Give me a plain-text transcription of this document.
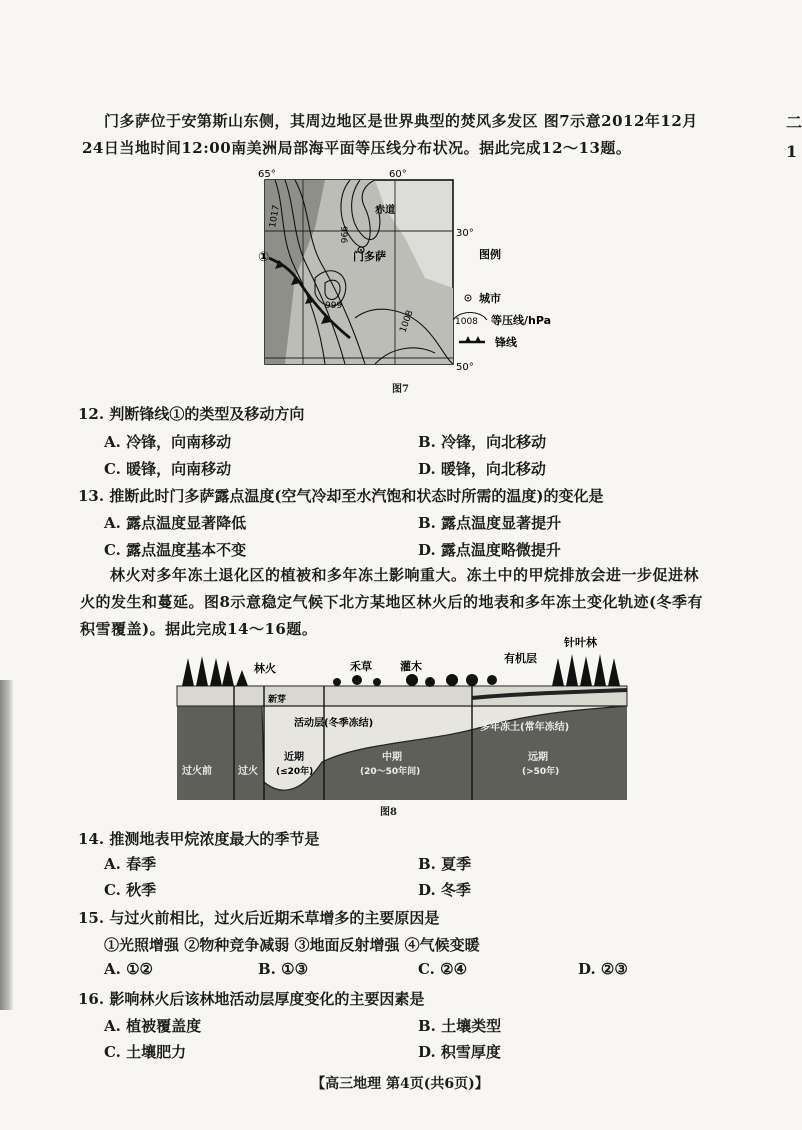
二
1
门多萨位于安第斯山东侧，其周边地区是世界典型的焚风多发区 图7示意2012年12月
24日当地时间12:00南美洲局部海平面等压线分布状况。据此完成12～13题。
65°	60°
30°
50°
1017
996
999
1008
①	门多萨
赤道
图例
城市
1008 等压线/hPa
锋线
图7
12. 判断锋线①的类型及移动方向
A. 冷锋，向南移动	B. 冷锋，向北移动
C. 暖锋，向南移动	D. 暖锋，向北移动
13. 推断此时门多萨露点温度(空气冷却至水汽饱和状态时所需的温度)的变化是
A. 露点温度显著降低	B. 露点温度显著提升
C. 露点温度基本不变	D. 露点温度略微提升
林火对多年冻土退化区的植被和多年冻土影响重大。冻土中的甲烷排放会进一步促进林
火的发生和蔓延。图8示意稳定气候下北方某地区林火后的地表和多年冻土变化轨迹(冬季有
积雪覆盖)。据此完成14～16题。
林火	禾草	灌木
有机层
针叶林
新芽
活动层(冬季冻结)	多年冻土(常年冻结)
过火前	过火
近期
(≤20年)
中期
(20～50年间)
远期
(>50年)
图8
14. 推测地表甲烷浓度最大的季节是
A. 春季	B. 夏季
C. 秋季	D. 冬季
15. 与过火前相比，过火后近期禾草增多的主要原因是
①光照增强 ②物种竞争减弱 ③地面反射增强 ④气候变暖
A. ①②	B. ①③	C. ②④	D. ②③
16. 影响林火后该林地活动层厚度变化的主要因素是
A. 植被覆盖度	B. 土壤类型
C. 土壤肥力	D. 积雪厚度
【高三地理 第4页(共6页)】
